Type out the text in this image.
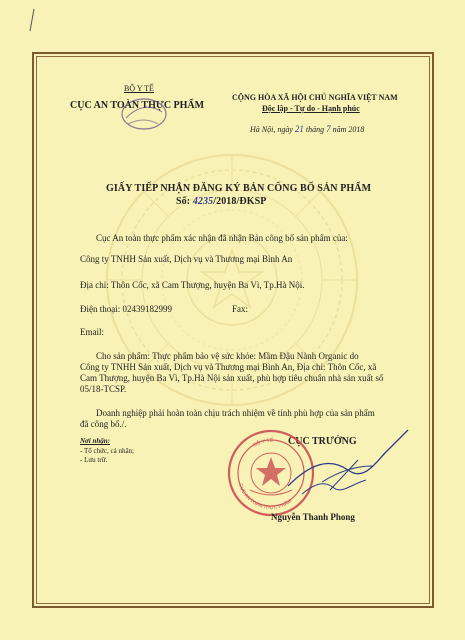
BỘ Y TẾ
CỤC AN TOÀN THỰC PHẨM
CỘNG HÒA XÃ HỘI CHỦ NGHĨA VIỆT NAM
Độc lập - Tự do - Hạnh phúc
Hà Nội, ngày 21 tháng 7 năm 2018
GIẤY TIẾP NHẬN ĐĂNG KÝ BẢN CÔNG BỐ SẢN PHẨM
Số: 4235/2018/ĐKSP
Cục An toàn thực phẩm xác nhận đã nhận Bản công bố sản phẩm của:
Công ty TNHH Sản xuất, Dịch vụ và Thương mại Bình An
Địa chỉ: Thôn Cốc, xã Cam Thượng, huyện Ba Vì, Tp.Hà Nội.
Điện thoại: 02439182999	Fax:
Email:
Cho sản phẩm: Thực phẩm bảo vệ sức khỏe: Mầm Đậu Nành Organic do
Công ty TNHH Sản xuất, Dịch vụ và Thương mại Bình An, Địa chỉ: Thôn Cốc, xã
Cam Thượng, huyện Ba Vì, Tp.Hà Nội sản xuất, phù hợp tiêu chuẩn nhà sản xuất số
05/18-TCSP.
Doanh nghiệp phải hoàn toàn chịu trách nhiệm về tính phù hợp của sản phẩm
đã công bố./.
Nơi nhận:
- Tổ chức, cá nhân;
- Lưu trữ.
CỤC TRƯỞNG
BỘ Y TẾ
CỤC AN TOÀN THỰC PHẨM
Nguyễn Thanh Phong
